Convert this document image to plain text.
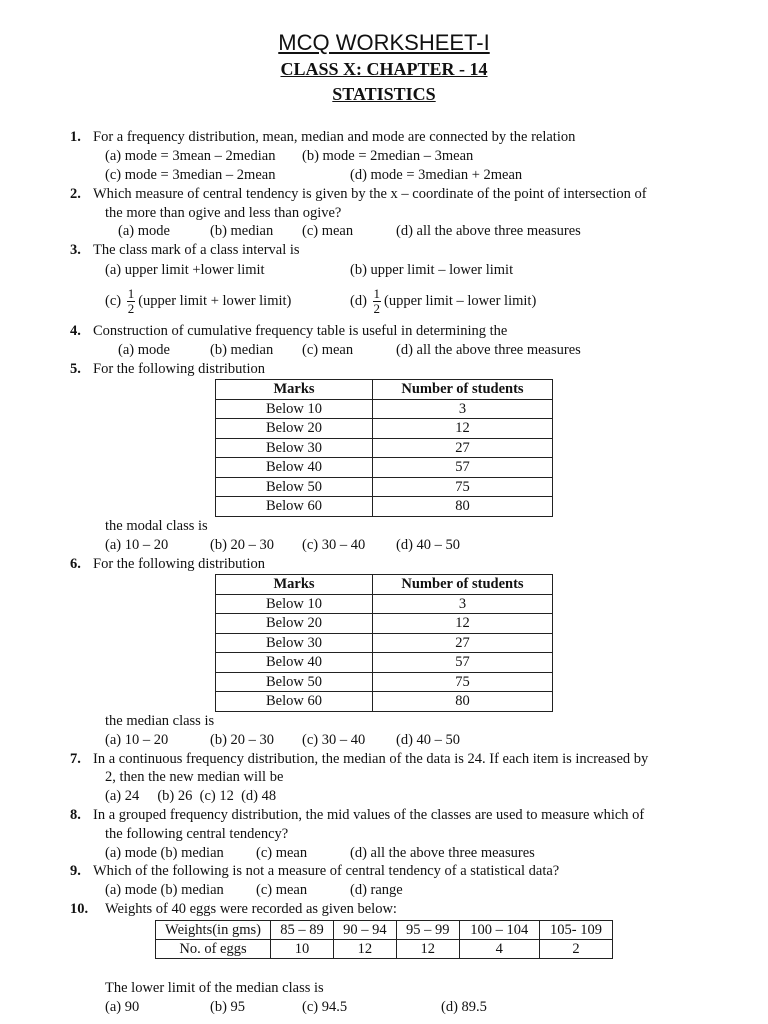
MCQ WORKSHEET-I
CLASS X: CHAPTER - 14
STATISTICS
1. For a frequency distribution, mean, median and mode are connected by the relation
(a) mode = 3mean – 2median (b) mode = 2median – 3mean
(c) mode = 3median – 2mean	(d) mode = 3median + 2mean
2. Which measure of central tendency is given by the x – coordinate of the point of intersection of
the more than ogive and less than ogive?
(a) mode	(b) median (c) mean	(d) all the above three measures
3. The class mark of a class interval is
(a) upper limit +lower limit	(b) upper limit – lower limit
$(c) \frac{1}{2}$ (upper limit + lower limit)	$(d) \frac{1}{2}$ (upper limit – lower limit)
4. Construction of cumulative frequency table is useful in determining the
(a) mode	(b) median (c) mean	(d) all the above three measures
5. For the following distribution
Marks	Number of students
Below 10	3
Below 20	12
Below 30	27
Below 40	57
Below 50	75
Below 60	80
the modal class is
(a) 10 – 20	(b) 20 – 30 (c) 30 – 40 (d) 40 – 50
6. For the following distribution
Marks	Number of students
Below 10	3
Below 20	12
Below 30	27
Below 40	57
Below 50	75
Below 60	80
the median class is
(a) 10 – 20	(b) 20 – 30 (c) 30 – 40 (d) 40 – 50
7. In a continuous frequency distribution, the median of the data is 24. If each item is increased by
2, then the new median will be
(a) 24     (b) 26  (c) 12  (d) 48
8. In a grouped frequency distribution, the mid values of the classes are used to measure which of
the following central tendency?
(a) mode (b) median (c) mean	(d) all the above three measures
9. Which of the following is not a measure of central tendency of a statistical data?
(a) mode (b) median (c) mean	(d) range
10. Weights of 40 eggs were recorded as given below:
Weights(in gms)	85 – 89	90 – 94	95 – 99	100 – 104	105- 109
No. of eggs	10	12	12	4	2
The lower limit of the median class is
(a) 90	(b) 95	(c) 94.5	(d) 89.5
